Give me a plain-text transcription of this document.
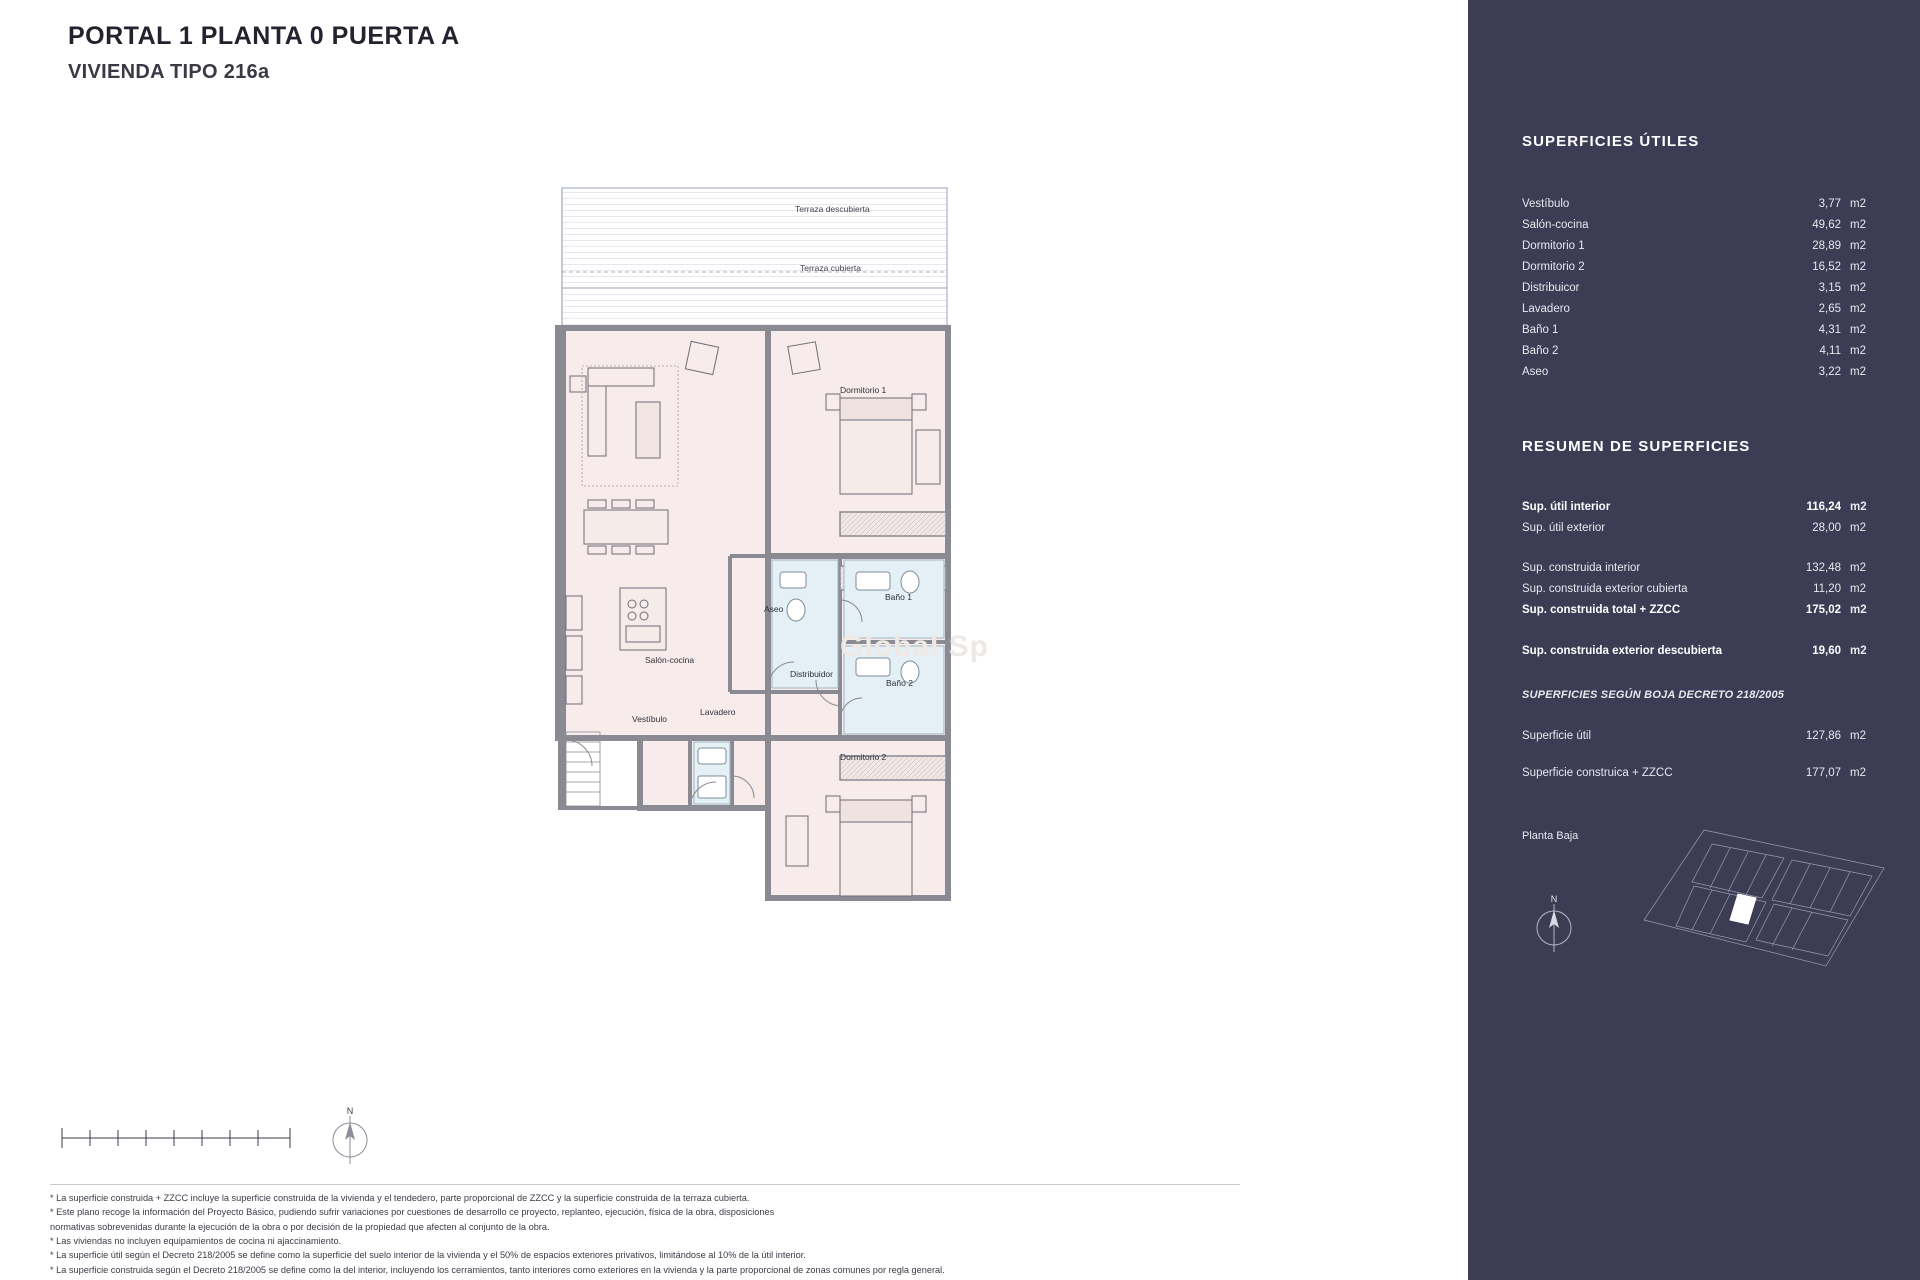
PORTAL 1 PLANTA 0 PUERTA A
VIVIENDA TIPO 216a
Terraza descubierta
Terraza cubierta
Dormitorio 1
Aseo
Baño 1
Baño 2
Salón-cocina
Distribuidor
Lavadero
Vestíbulo
Dormitorio 2
Global Sp
N
* La superficie construida + ZZCC incluye la superficie construida de la vivienda y el tendedero, parte proporcional de ZZCC y la superficie construida de la terraza cubierta.
* Este plano recoge la información del Proyecto Básico, pudiendo sufrir variaciones por cuestiones de desarrollo ce proyecto, replanteo, ejecución, física de la obra, disposiciones
normativas sobrevenidas durante la ejecución de la obra o por decisión de la propiedad que afecten al conjunto de la obra.
* Las viviendas no incluyen equipamientos de cocina ni ajaccinamiento.
* La superficie útil según el Decreto 218/2005 se define como la superficie del suelo interior de la vivienda y el 50% de espacios exteriores privativos, limitándose al 10% de la útil interior.
* La superficie construida según el Decreto 218/2005 se define como la del interior, incluyendo los cerramientos, tanto interiores como exteriores en la vivienda y la parte proporcional de zonas comunes por regla general.
SUPERFICIES ÚTILES
Vestíbulo	3,77 m2
Salón-cocina	49,62 m2
Dormitorio 1	28,89 m2
Dormitorio 2	16,52 m2
Distribuicor	3,15 m2
Lavadero	2,65 m2
Baño 1	4,31 m2
Baño 2	4,11 m2
Aseo	3,22 m2
RESUMEN DE SUPERFICIES
Sup. útil interior	116,24 m2
Sup. útil exterior	28,00 m2
Sup. construida interior	132,48 m2
Sup. construida exterior cubierta	11,20 m2
Sup. construida total + ZZCC	175,02 m2
Sup. construida exterior descubierta	19,60 m2
SUPERFICIES SEGÚN BOJA DECRETO 218/2005
Superficie útil	127,86 m2
Superficie construica + ZZCC	177,07 m2
Planta Baja
N
